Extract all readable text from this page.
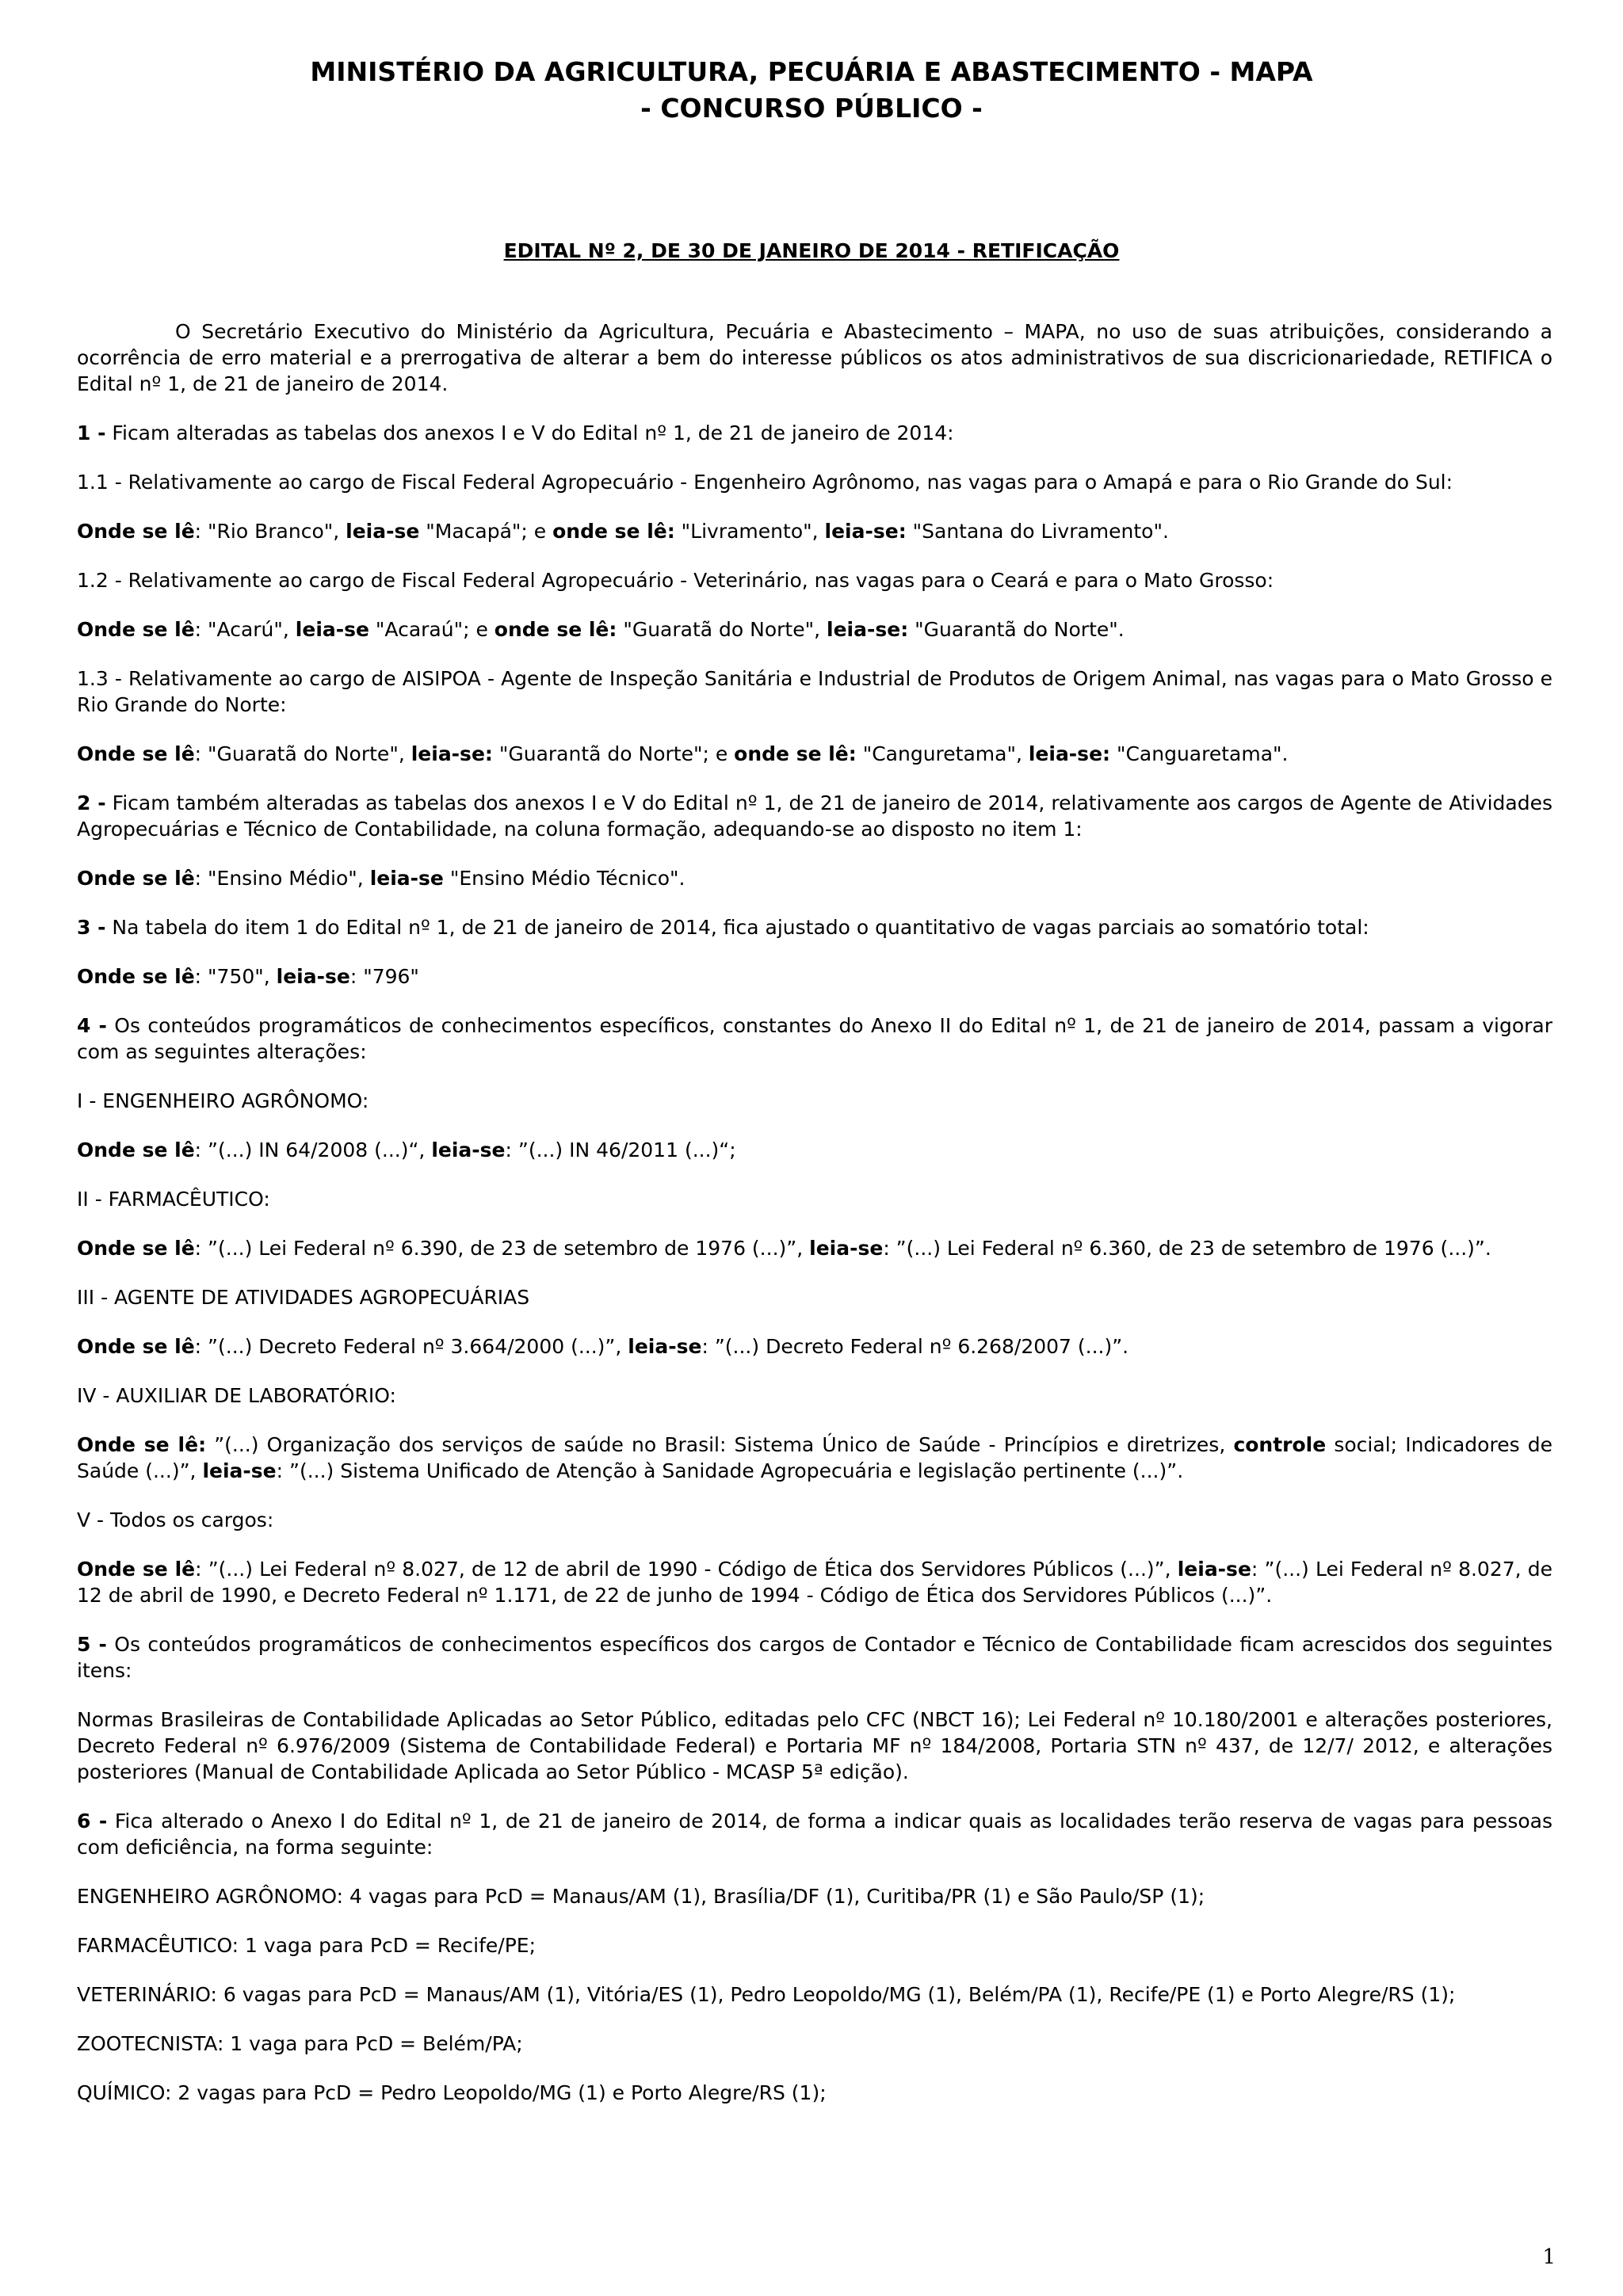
MINISTÉRIO DA AGRICULTURA, PECUÁRIA E ABASTECIMENTO - MAPA
- CONCURSO PÚBLICO -
EDITAL Nº 2, DE 30 DE JANEIRO DE 2014 - RETIFICAÇÃO

O Secretário Executivo do Ministério da Agricultura, Pecuária e Abastecimento – MAPA, no uso de suas atribuições, considerando a ocorrência de erro material e a prerrogativa de alterar a bem do interesse públicos os atos administrativos de sua discricionariedade, RETIFICA o Edital nº 1, de 21 de janeiro de 2014.

1 - Ficam alteradas as tabelas dos anexos I e V do Edital nº 1, de 21 de janeiro de 2014:

1.1 - Relativamente ao cargo de Fiscal Federal Agropecuário - Engenheiro Agrônomo, nas vagas para o Amapá e para o Rio Grande do Sul:

Onde se lê: "Rio Branco", leia-se "Macapá"; e onde se lê: "Livramento", leia-se: "Santana do Livramento".

1.2 - Relativamente ao cargo de Fiscal Federal Agropecuário - Veterinário, nas vagas para o Ceará e para o Mato Grosso:

Onde se lê: "Acarú", leia-se "Acaraú"; e onde se lê: "Guaratã do Norte", leia-se: "Guarantã do Norte".

1.3 - Relativamente ao cargo de AISIPOA - Agente de Inspeção Sanitária e Industrial de Produtos de Origem Animal, nas vagas para o Mato Grosso e Rio Grande do Norte:

Onde se lê: "Guaratã do Norte", leia-se: "Guarantã do Norte"; e onde se lê: "Canguretama", leia-se: "Canguaretama".

2 - Ficam também alteradas as tabelas dos anexos I e V do Edital nº 1, de 21 de janeiro de 2014, relativamente aos cargos de Agente de Atividades Agropecuárias e Técnico de Contabilidade, na coluna formação, adequando-se ao disposto no item 1:

Onde se lê: "Ensino Médio", leia-se "Ensino Médio Técnico".

3 - Na tabela do item 1 do Edital nº 1, de 21 de janeiro de 2014, fica ajustado o quantitativo de vagas parciais ao somatório total:

Onde se lê: "750", leia-se: "796"

4 - Os conteúdos programáticos de conhecimentos específicos, constantes do Anexo II do Edital nº 1, de 21 de janeiro de 2014, passam a vigorar com as seguintes alterações:

I - ENGENHEIRO AGRÔNOMO:

Onde se lê: ”(...) IN 64/2008 (...)“, leia-se: ”(...) IN 46/2011 (...)“;

II - FARMACÊUTICO:

Onde se lê: ”(...) Lei Federal nº 6.390, de 23 de setembro de 1976 (...)”, leia-se: ”(...) Lei Federal nº 6.360, de 23 de setembro de 1976 (...)”.

III - AGENTE DE ATIVIDADES AGROPECUÁRIAS

Onde se lê: ”(...) Decreto Federal nº 3.664/2000 (...)”, leia-se: ”(...) Decreto Federal nº 6.268/2007 (...)”.

IV - AUXILIAR DE LABORATÓRIO:

Onde se lê: ”(...) Organização dos serviços de saúde no Brasil: Sistema Único de Saúde - Princípios e diretrizes, controle social; Indicadores de Saúde (...)”, leia-se: ”(...) Sistema Unificado de Atenção à Sanidade Agropecuária e legislação pertinente (...)”.

V - Todos os cargos:

Onde se lê: ”(...) Lei Federal nº 8.027, de 12 de abril de 1990 - Código de Ética dos Servidores Públicos (...)”, leia-se: ”(...) Lei Federal nº 8.027, de 12 de abril de 1990, e Decreto Federal nº 1.171, de 22 de junho de 1994 - Código de Ética dos Servidores Públicos (...)”.

5 - Os conteúdos programáticos de conhecimentos específicos dos cargos de Contador e Técnico de Contabilidade ficam acrescidos dos seguintes itens:

Normas Brasileiras de Contabilidade Aplicadas ao Setor Público, editadas pelo CFC (NBCT 16); Lei Federal nº 10.180/2001 e alterações posteriores, Decreto Federal nº 6.976/2009 (Sistema de Contabilidade Federal) e Portaria MF nº 184/2008, Portaria STN nº 437, de 12/7/ 2012, e alterações posteriores (Manual de Contabilidade Aplicada ao Setor Público - MCASP 5ª edição).

6 - Fica alterado o Anexo I do Edital nº 1, de 21 de janeiro de 2014, de forma a indicar quais as localidades terão reserva de vagas para pessoas com deficiência, na forma seguinte:

ENGENHEIRO AGRÔNOMO: 4 vagas para PcD = Manaus/AM (1), Brasília/DF (1), Curitiba/PR (1) e São Paulo/SP (1);

FARMACÊUTICO: 1 vaga para PcD = Recife/PE;

VETERINÁRIO: 6 vagas para PcD = Manaus/AM (1), Vitória/ES (1), Pedro Leopoldo/MG (1), Belém/PA (1), Recife/PE (1) e Porto Alegre/RS (1);

ZOOTECNISTA: 1 vaga para PcD = Belém/PA;

QUÍMICO: 2 vagas para PcD = Pedro Leopoldo/MG (1) e Porto Alegre/RS (1);

1
